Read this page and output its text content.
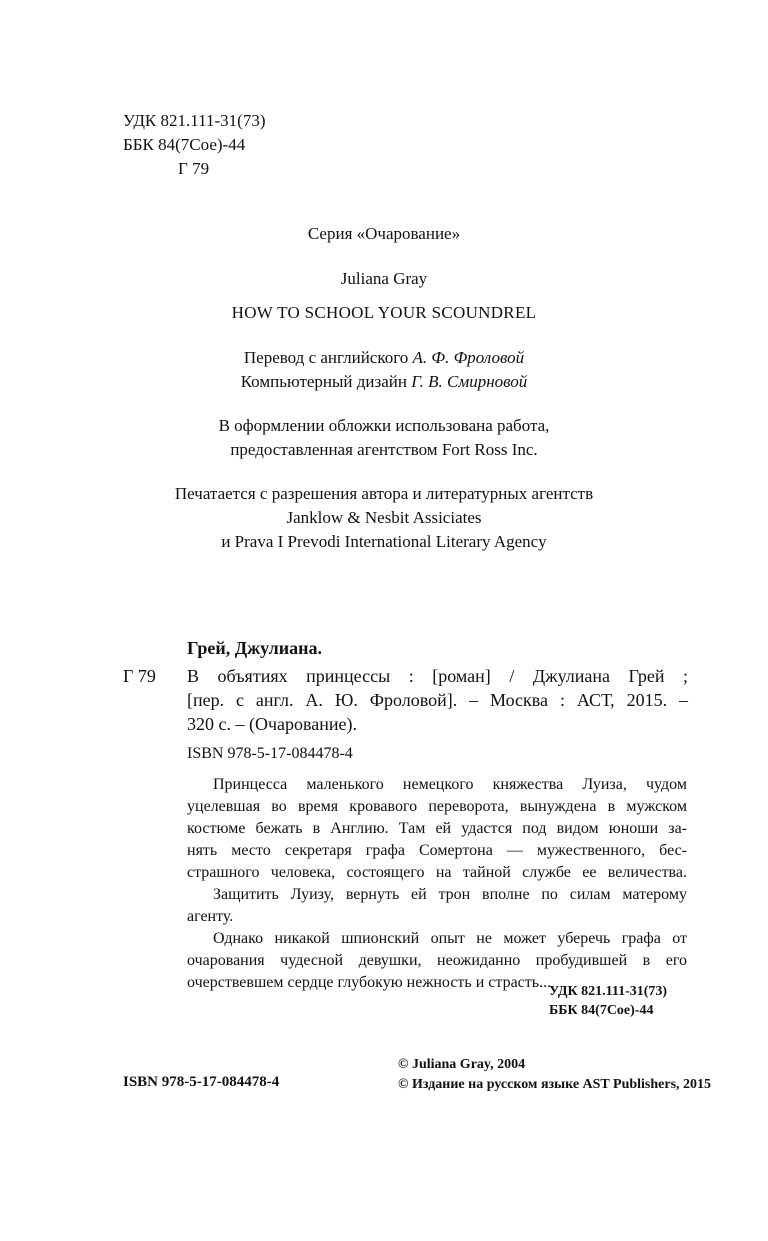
УДК 821.111-31(73)
ББК 84(7Сое)-44
Г 79
Серия «Очарование»
Juliana Gray
HOW TO SCHOOL YOUR SCOUNDREL
Перевод с английского А. Ф. Фроловой
Компьютерный дизайн Г. В. Смирновой
В оформлении обложки использована работа,
предоставленная агентством Fort Ross Inc.
Печатается с разрешения автора и литературных агентств
Janklow & Nesbit Assiciates
и Prava I Prevodi International Literary Agency
Грей, Джулиана.
Г 79 В объятиях принцессы : [роман] / Джулиана Грей ;
[пер. с англ. А. Ю. Фроловой]. – Москва : АСТ, 2015. –
320 с. – (Очарование).
ISBN 978-5-17-084478-4
Принцесса маленького немецкого княжества Луиза, чудом
уцелевшая во время кровавого переворота, вынуждена в мужском
костюме бежать в Англию. Там ей удастся под видом юноши за-
нять место секретаря графа Сомертона — мужественного, бес-
страшного человека, состоящего на тайной службе ее величества.
Защитить Луизу, вернуть ей трон вполне по силам матерому
агенту.
Однако никакой шпионский опыт не может уберечь графа от
очарования чудесной девушки, неожиданно пробудившей в его
очерствевшем сердце глубокую нежность и страсть...
УДК 821.111-31(73)
ББК 84(7Сое)-44
ISBN 978-5-17-084478-4
© Juliana Gray, 2004
© Издание на русском языке AST Publishers, 2015
